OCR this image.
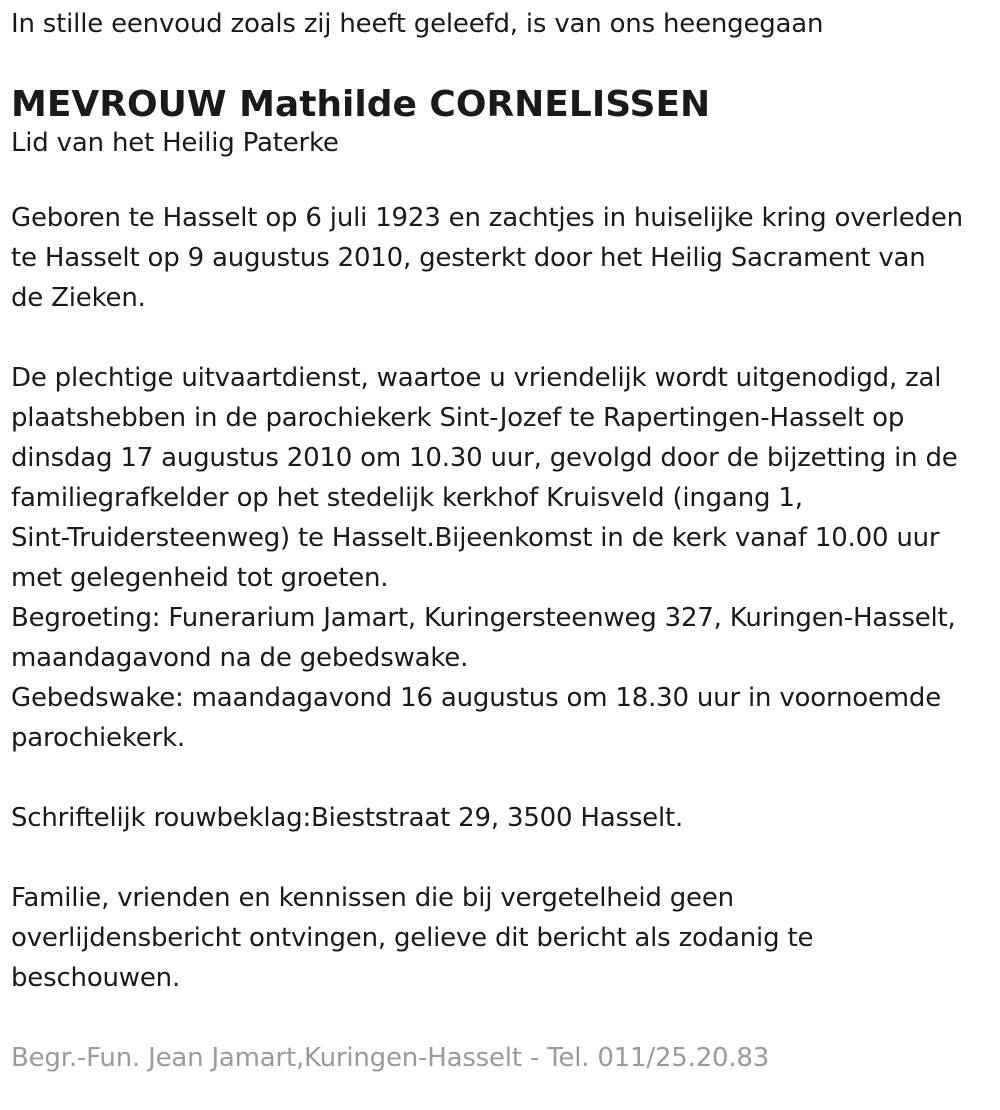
In stille eenvoud zoals zij heeft geleefd, is van ons heengegaan
MEVROUW Mathilde CORNELISSEN
Lid van het Heilig Paterke
Geboren te Hasselt op 6 juli 1923 en zachtjes in huiselijke kring overleden
te Hasselt op 9 augustus 2010, gesterkt door het Heilig Sacrament van
de Zieken.
De plechtige uitvaartdienst, waartoe u vriendelijk wordt uitgenodigd, zal
plaatshebben in de parochiekerk Sint-Jozef te Rapertingen-Hasselt op
dinsdag 17 augustus 2010 om 10.30 uur, gevolgd door de bijzetting in de
familiegrafkelder op het stedelijk kerkhof Kruisveld (ingang 1,
Sint-Truidersteenweg) te Hasselt.Bijeenkomst in de kerk vanaf 10.00 uur
met gelegenheid tot groeten.
Begroeting: Funerarium Jamart, Kuringersteenweg 327, Kuringen-Hasselt,
maandagavond na de gebedswake.
Gebedswake: maandagavond 16 augustus om 18.30 uur in voornoemde
parochiekerk.
Schriftelijk rouwbeklag:Bieststraat 29, 3500 Hasselt.
Familie, vrienden en kennissen die bij vergetelheid geen
overlijdensbericht ontvingen, gelieve dit bericht als zodanig te
beschouwen.
Begr.-Fun. Jean Jamart,Kuringen-Hasselt - Tel. 011/25.20.83
